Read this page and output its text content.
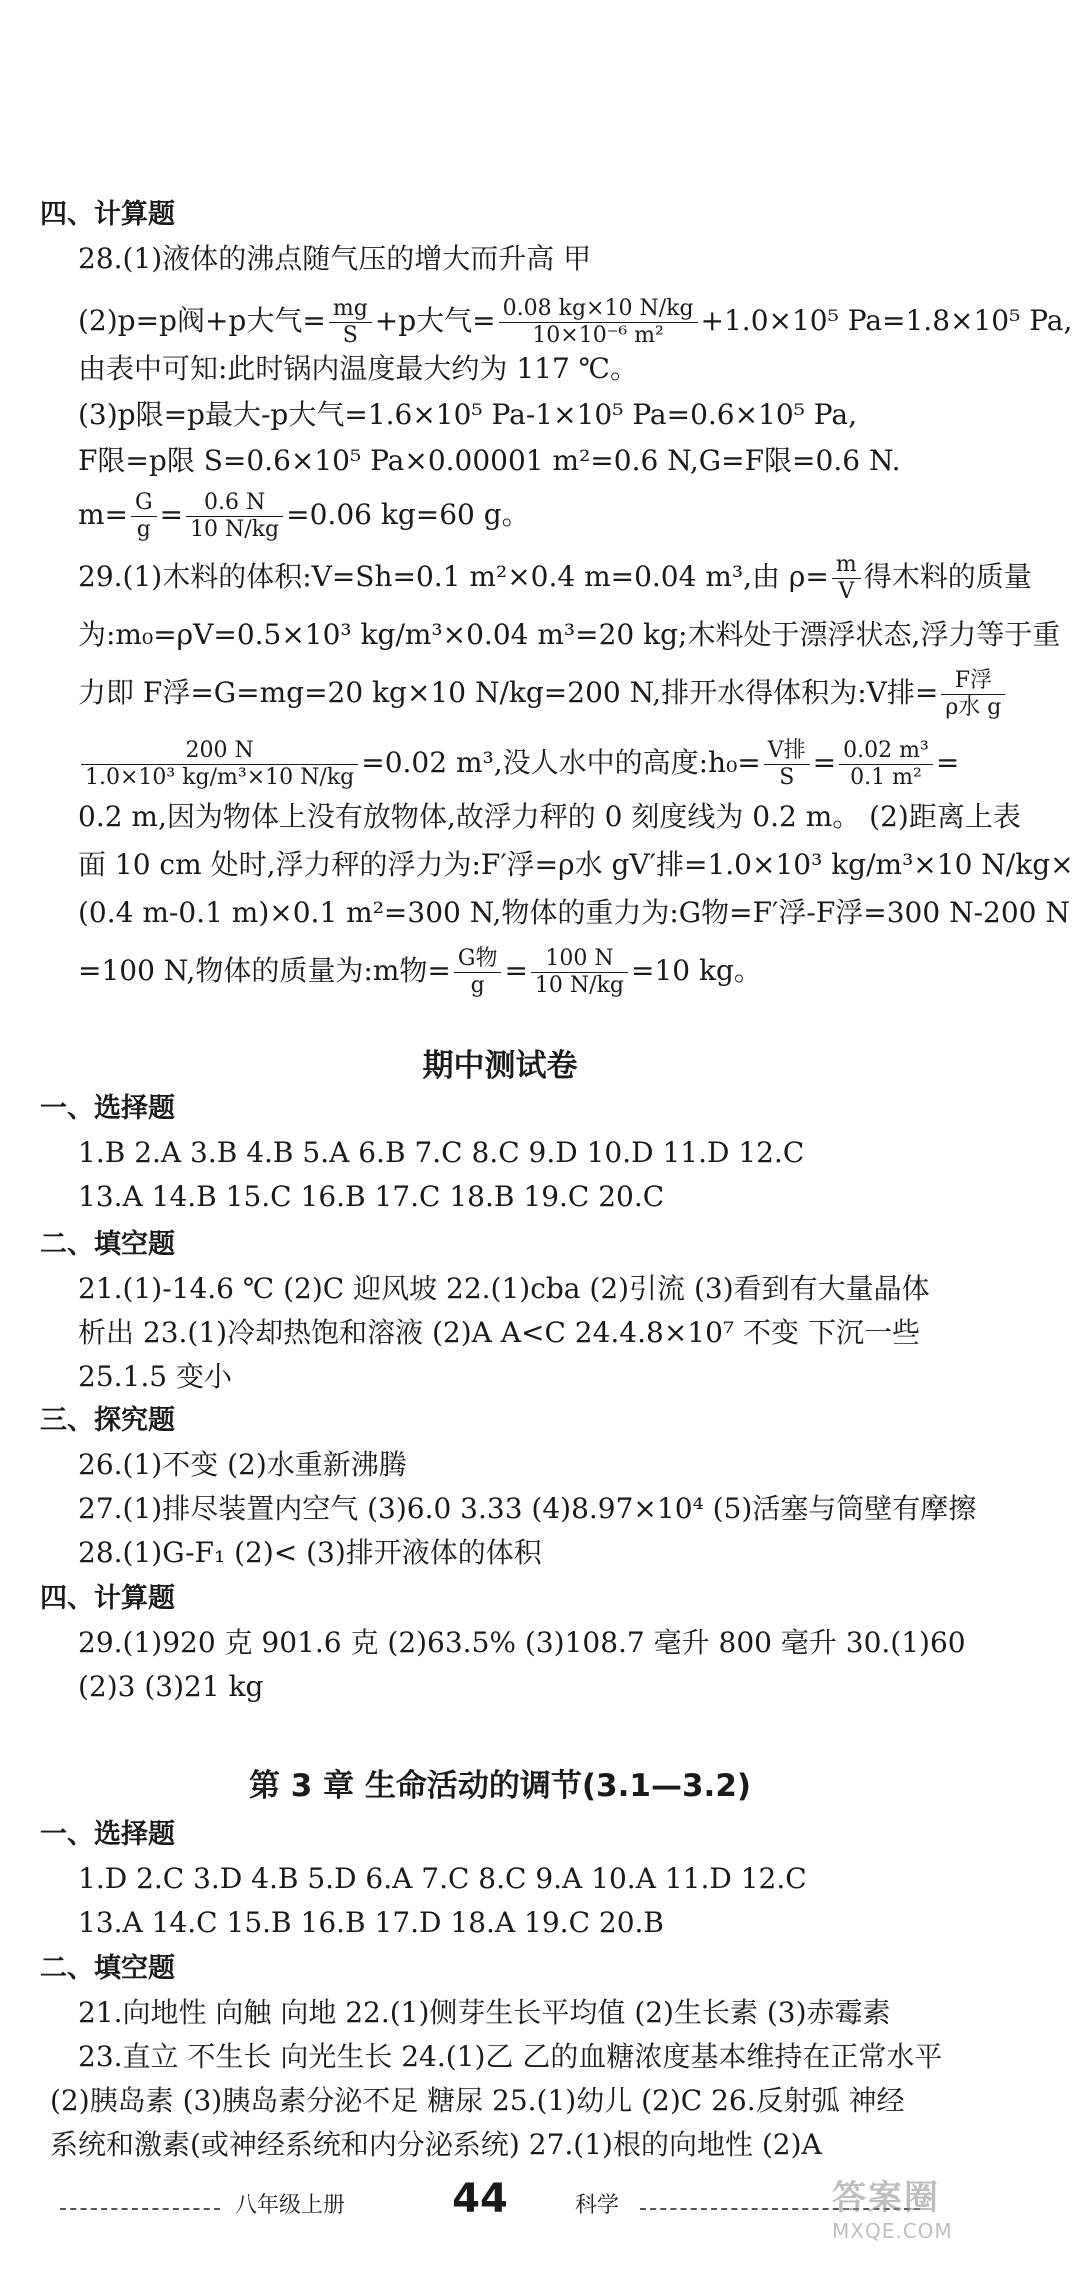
四、计算题
28.(1)液体的沸点随气压的增大而升高 甲
(2)p=p阀+p大气= $\frac{mg}{S} +p$大气= $\frac{0.08 kg\times 10 N/kg}{\text{10×10⁻⁶ m²}} +1.0\times 10^5$ Pa=1.8×10⁵ Pa,
由表中可知:此时锅内温度最大约为 117 ℃。
(3)p限=p最大-p大气=1.6×10⁵ Pa-1×10⁵ Pa=0.6×10⁵ Pa,
F限=p限 S=0.6×10⁵ Pa×0.00001 m²=0.6 N,G=F限=0.6 N.
$m= \frac{G}{g} = \frac{0.6 N}{10 N/kg} =0.06$ kg=60 g。
29.(1)木料的体积:V=Sh=0.1 m²×0.4 m=0.04 m³,由 $\rho= \frac{m}{V}$ 得木料的质量
为:m₀=ρV=0.5×10³ kg/m³×0.04 m³=20 kg;木料处于漂浮状态,浮力等于重
力即 F浮=G=mg=20 kg×10 N/kg=200 N,排开水得体积为:V排= $\frac{\text{F浮}}{\text{ρ水 g}}$
$\frac{200 N}{\text{1.0×10³ kg/m³×10 N/kg}} =0.02$ m³,没人水中的高度:h₀= $\frac{\text{V排}}{S} = \frac{\text{0.02 m³}}{\text{0.1 m²}}$ =
0.2 m,因为物体上没有放物体,故浮力秤的 0 刻度线为 0.2 m。 (2)距离上表
面 10 cm 处时,浮力秤的浮力为:F′浮=ρ水 gV′排=1.0×10³ kg/m³×10 N/kg×
(0.4 m-0.1 m)×0.1 m²=300 N,物体的重力为:G物=F′浮-F浮=300 N-200 N
=100 N,物体的质量为:m物= $\frac{\text{G物}}{g} = \frac{100 N}{10 N/kg} =10$ kg。
期中测试卷
一、选择题
1.B 2.A 3.B 4.B 5.A 6.B 7.C 8.C 9.D 10.D 11.D 12.C
13.A 14.B 15.C 16.B 17.C 18.B 19.C 20.C
二、填空题
21.(1)-14.6 ℃ (2)C 迎风坡 22.(1)cba (2)引流 (3)看到有大量晶体
析出 23.(1)冷却热饱和溶液 (2)A A<C 24.4.8×10⁷ 不变 下沉一些
25.1.5 变小
三、探究题
26.(1)不变 (2)水重新沸腾
27.(1)排尽装置内空气 (3)6.0 3.33 (4)8.97×10⁴ (5)活塞与筒壁有摩擦
28.(1)G-F₁ (2)< (3)排开液体的体积
四、计算题
29.(1)920 克 901.6 克 (2)63.5% (3)108.7 毫升 800 毫升 30.(1)60
(2)3 (3)21 kg
第 3 章 生命活动的调节(3.1—3.2)
一、选择题
1.D 2.C 3.D 4.B 5.D 6.A 7.C 8.C 9.A 10.A 11.D 12.C
13.A 14.C 15.B 16.B 17.D 18.A 19.C 20.B
二、填空题
21.向地性 向触 向地 22.(1)侧芽生长平均值 (2)生长素 (3)赤霉素
23.直立 不生长 向光生长 24.(1)乙 乙的血糖浓度基本维持在正常水平
(2)胰岛素 (3)胰岛素分泌不足 糖尿 25.(1)幼儿 (2)C 26.反射弧 神经
系统和激素(或神经系统和内分泌系统) 27.(1)根的向地性 (2)A
八年级上册	44	科学	答案圈
MXQE.COM
